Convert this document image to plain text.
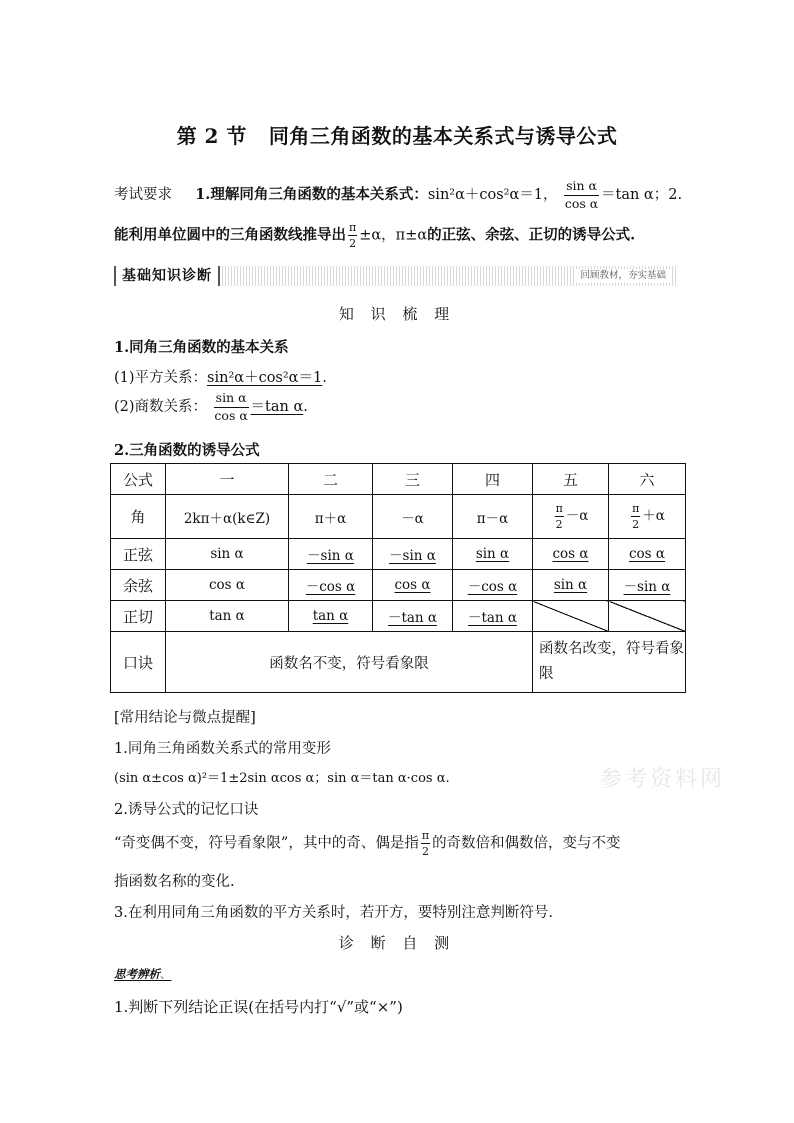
第 2 节 同角三角函数的基本关系式与诱导公式
考试要求 1.理解同角三角函数的基本关系式：sin²α＋cos²α＝1， $\frac{\text{sin α}}{\text{cos α}} =\tan$ α；2.
能利用单位圆中的三角函数线推导出 $\frac{\pi}{2} \pm\alpha$，π±α的正弦、余弦、正切的诱导公式.
基础知识诊断	回顾教材，夯实基础
知 识 梳 理
1.同角三角函数的基本关系
(1)平方关系：sin²α＋cos²α＝1.
(2)商数关系： $\frac{\text{sin α}}{\text{cos α}} =\tan$ α.
2.三角函数的诱导公式
公式	一	二	三	四	五	六
角	2kπ＋α(k∈Z)	π＋α	－α	π－α	$\frac{\pi}{2} -\alpha$	$\frac{\pi}{2} +\alpha$
正弦	sin α	－sin α	－sin α	sin α	cos α	cos α
余弦	cos α	－cos α	cos α	－cos α	sin α	－sin α
正切	tan α	tan α	－tan α	－tan α		
口诀	函数名不变，符号看象限				函数名改变，符号看象限	
[常用结论与微点提醒]
1.同角三角函数关系式的常用变形
(sin α±cos α)²＝1±2sin αcos α；sin α＝tan α·cos α.	参考资料网
2.诱导公式的记忆口诀
“奇变偶不变，符号看象限”，其中的奇、偶是指 $\frac{\pi}{2}$ 的奇数倍和偶数倍，变与不变
指函数名称的变化.
3.在利用同角三角函数的平方关系时，若开方，要特别注意判断符号.
诊 断 自 测
思考辨析、
1.判断下列结论正误(在括号内打“√”或“×”)
